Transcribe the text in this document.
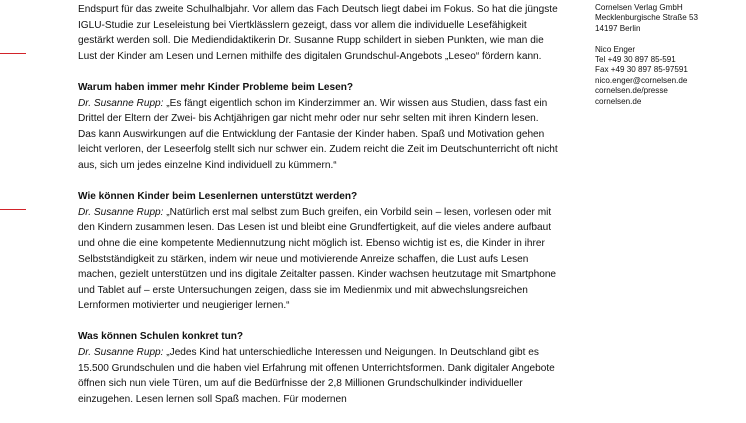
Endspurt für das zweite Schulhalbjahr. Vor allem das Fach Deutsch liegt dabei im Fokus. So hat die jüngste IGLU-Studie zur Leseleistung bei Viertklässlern gezeigt, dass vor allem die individuelle Lesefähigkeit gestärkt werden soll. Die Mediendidaktikerin Dr. Susanne Rupp schildert in sieben Punkten, wie man die Lust der Kinder am Lesen und Lernen mithilfe des digitalen Grundschul-Angebots „Leseo“ fördern kann.

Warum haben immer mehr Kinder Probleme beim Lesen?

Dr. Susanne Rupp: „Es fängt eigentlich schon im Kinderzimmer an. Wir wissen aus Studien, dass fast ein Drittel der Eltern der Zwei- bis Achtjährigen gar nicht mehr oder nur sehr selten mit ihren Kindern lesen. Das kann Auswirkungen auf die Entwicklung der Fantasie der Kinder haben. Spaß und Motivation gehen leicht verloren, der Leseerfolg stellt sich nur schwer ein. Zudem reicht die Zeit im Deutschunterricht oft nicht aus, sich um jedes einzelne Kind individuell zu kümmern.“

Wie können Kinder beim Lesenlernen unterstützt werden?

Dr. Susanne Rupp: „Natürlich erst mal selbst zum Buch greifen, ein Vorbild sein – lesen, vorlesen oder mit den Kindern zusammen lesen. Das Lesen ist und bleibt eine Grundfertigkeit, auf die vieles andere aufbaut und ohne die eine kompetente Mediennutzung nicht möglich ist. Ebenso wichtig ist es, die Kinder in ihrer Selbstständigkeit zu stärken, indem wir neue und motivierende Anreize schaffen, die Lust aufs Lesen machen, gezielt unterstützen und ins digitale Zeitalter passen. Kinder wachsen heutzutage mit Smartphone und Tablet auf – erste Untersuchungen zeigen, dass sie im Medienmix und mit abwechslungsreichen Lernformen motivierter und neugieriger lernen.“

Was können Schulen konkret tun?

Dr. Susanne Rupp: „Jedes Kind hat unterschiedliche Interessen und Neigungen. In Deutschland gibt es 15.500 Grundschulen und die haben viel Erfahrung mit offenen Unterrichtsformen. Dank digitaler Angebote öffnen sich nun viele Türen, um auf die Bedürfnisse der 2,8 Millionen Grundschulkinder individueller einzugehen. Lesen lernen soll Spaß machen. Für modernen

Cornelsen Verlag GmbH
Mecklenburgische Straße 53
14197 Berlin
Nico Enger
Tel +49 30 897 85-591
Fax +49 30 897 85-97591
nico.enger@cornelsen.de
cornelsen.de/presse
cornelsen.de
